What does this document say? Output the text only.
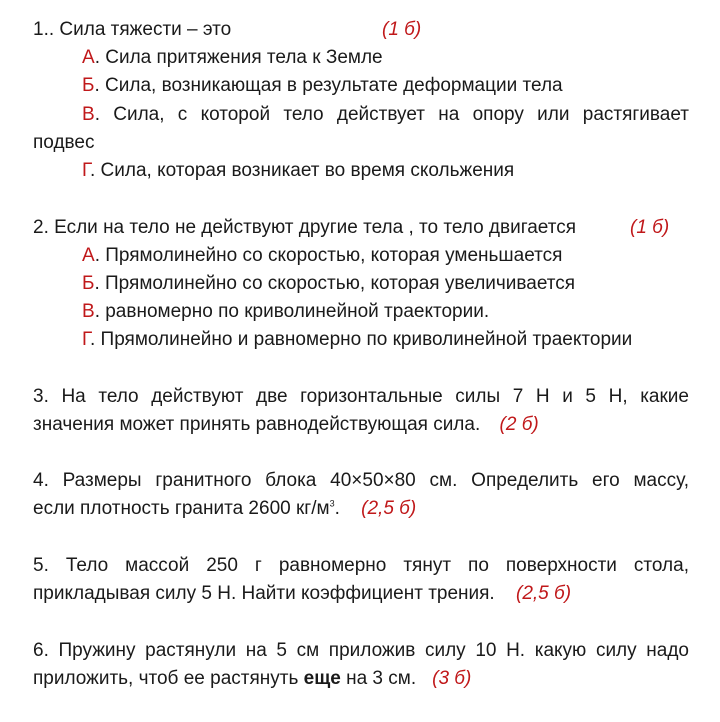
1.. Сила тяжести – это	(1 б)
А. Сила притяжения тела к Земле
Б. Сила, возникающая в результате деформации тела
В. Сила, с которой тело действует на опору или растягивает
подвес
Г. Сила, которая возникает во время скольжения
2. Если на тело не действуют другие тела , то тело двигается	(1 б)
А. Прямолинейно со скоростью, которая уменьшается
Б. Прямолинейно со скоростью, которая увеличивается
В. равномерно по криволинейной траектории.
Г. Прямолинейно и равномерно по криволинейной траектории
3. На тело действуют две горизонтальные силы 7 Н и 5 Н, какие
значения может принять равнодействующая сила. (2 б)
4. Размеры гранитного блока 40×50×80 см. Определить его массу,
если плотность гранита 2600 $кг/м^3$. (2,5 б)
5. Тело массой 250 г равномерно тянут по поверхности стола,
прикладывая силу 5 Н. Найти коэффициент трения. (2,5 б)
6. Пружину растянули на 5 см приложив силу 10 Н. какую силу надо
приложить, чтоб ее растянуть еще на 3 см. (3 б)
